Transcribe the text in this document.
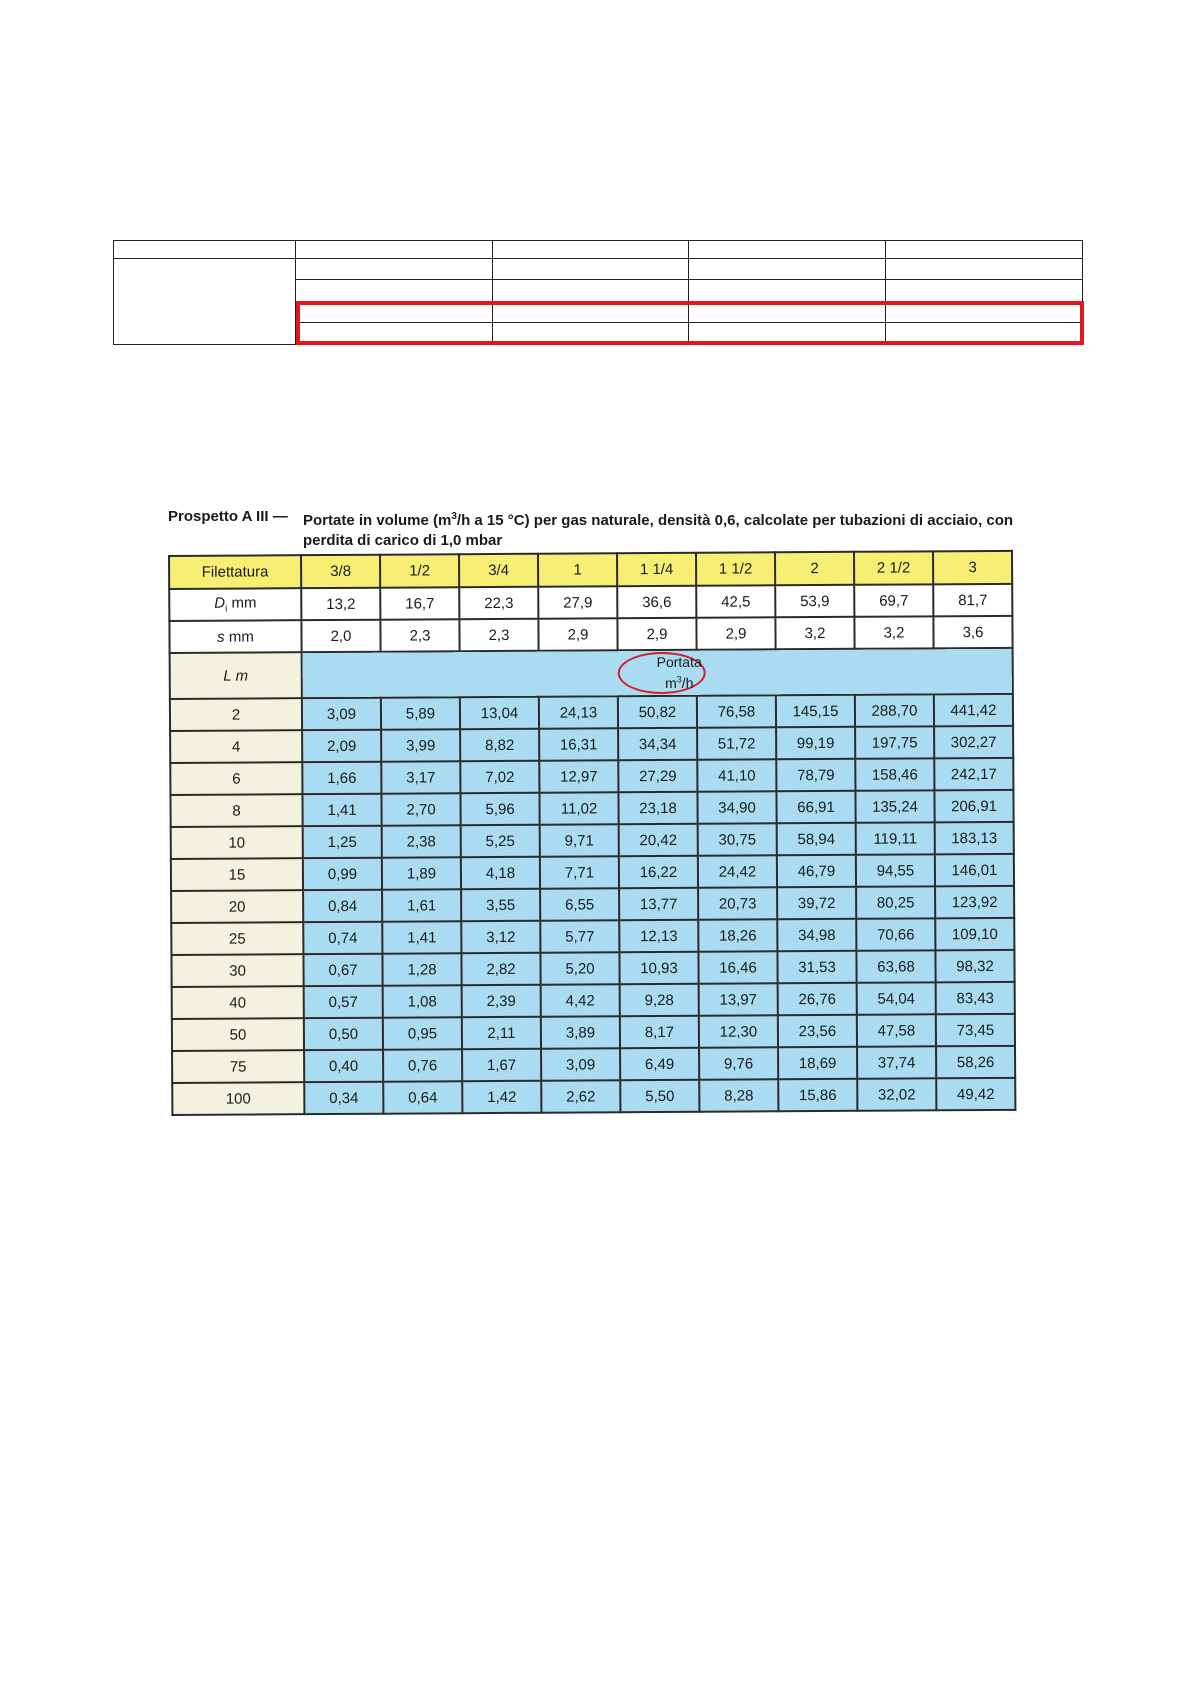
Prospetto A III — Portate in volume ($m^3/h$ a 15 °C) per gas naturale, densità 0,6, calcolate per tubazioni di acciaio, con perdita di carico di 1,0 mbar
Filettatura	3/8	1/2	3/4	1	1 1/4	1 1/2	2	2 1/2	3
$D_i$ mm	13,2	16,7	22,3	27,9	36,6	42,5	53,9	69,7	81,7
s mm	2,0	2,3	2,3	2,9	2,9	2,9	3,2	3,2	3,6
L m	Portata
$m^3/h$								
2	3,09	5,89	13,04	24,13	50,82	76,58	145,15	288,70	441,42
4	2,09	3,99	8,82	16,31	34,34	51,72	99,19	197,75	302,27
6	1,66	3,17	7,02	12,97	27,29	41,10	78,79	158,46	242,17
8	1,41	2,70	5,96	11,02	23,18	34,90	66,91	135,24	206,91
10	1,25	2,38	5,25	9,71	20,42	30,75	58,94	119,11	183,13
15	0,99	1,89	4,18	7,71	16,22	24,42	46,79	94,55	146,01
20	0,84	1,61	3,55	6,55	13,77	20,73	39,72	80,25	123,92
25	0,74	1,41	3,12	5,77	12,13	18,26	34,98	70,66	109,10
30	0,67	1,28	2,82	5,20	10,93	16,46	31,53	63,68	98,32
40	0,57	1,08	2,39	4,42	9,28	13,97	26,76	54,04	83,43
50	0,50	0,95	2,11	3,89	8,17	12,30	23,56	47,58	73,45
75	0,40	0,76	1,67	3,09	6,49	9,76	18,69	37,74	58,26
100	0,34	0,64	1,42	2,62	5,50	8,28	15,86	32,02	49,42
